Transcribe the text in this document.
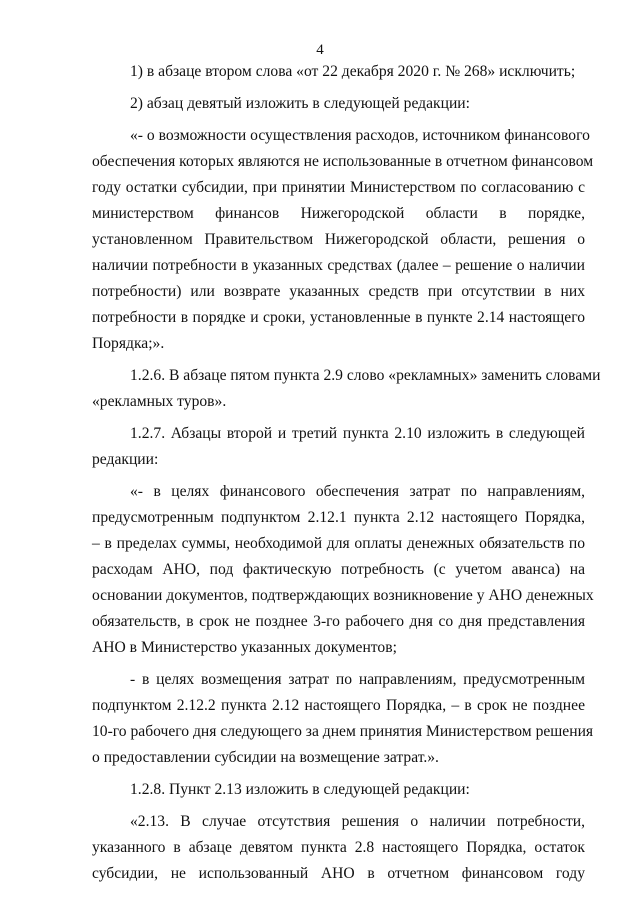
4
1) в абзаце втором слова «от 22 декабря 2020 г. № 268» исключить;
2) абзац девятый изложить в следующей редакции:
«- о возможности осуществления расходов, источником финансового
обеспечения которых являются не использованные в отчетном финансовом
году остатки субсидии, при принятии Министерством по согласованию с
министерством финансов Нижегородской области в порядке,
установленном Правительством Нижегородской области, решения о
наличии потребности в указанных средствах (далее – решение о наличии
потребности) или возврате указанных средств при отсутствии в них
потребности в порядке и сроки, установленные в пункте 2.14 настоящего
Порядка;».
1.2.6. В абзаце пятом пункта 2.9 слово «рекламных» заменить словами
«рекламных туров».
1.2.7. Абзацы второй и третий пункта 2.10 изложить в следующей
редакции:
«- в целях финансового обеспечения затрат по направлениям,
предусмотренным подпунктом 2.12.1 пункта 2.12 настоящего Порядка,
– в пределах суммы, необходимой для оплаты денежных обязательств по
расходам АНО, под фактическую потребность (с учетом аванса) на
основании документов, подтверждающих возникновение у АНО денежных
обязательств, в срок не позднее 3-го рабочего дня со дня представления
АНО в Министерство указанных документов;
- в целях возмещения затрат по направлениям, предусмотренным
подпунктом 2.12.2 пункта 2.12 настоящего Порядка, – в срок не позднее
10-го рабочего дня следующего за днем принятия Министерством решения
о предоставлении субсидии на возмещение затрат.».
1.2.8. Пункт 2.13 изложить в следующей редакции:
«2.13. В случае отсутствия решения о наличии потребности,
указанного в абзаце девятом пункта 2.8 настоящего Порядка, остаток
субсидии, не использованный АНО в отчетном финансовом году
